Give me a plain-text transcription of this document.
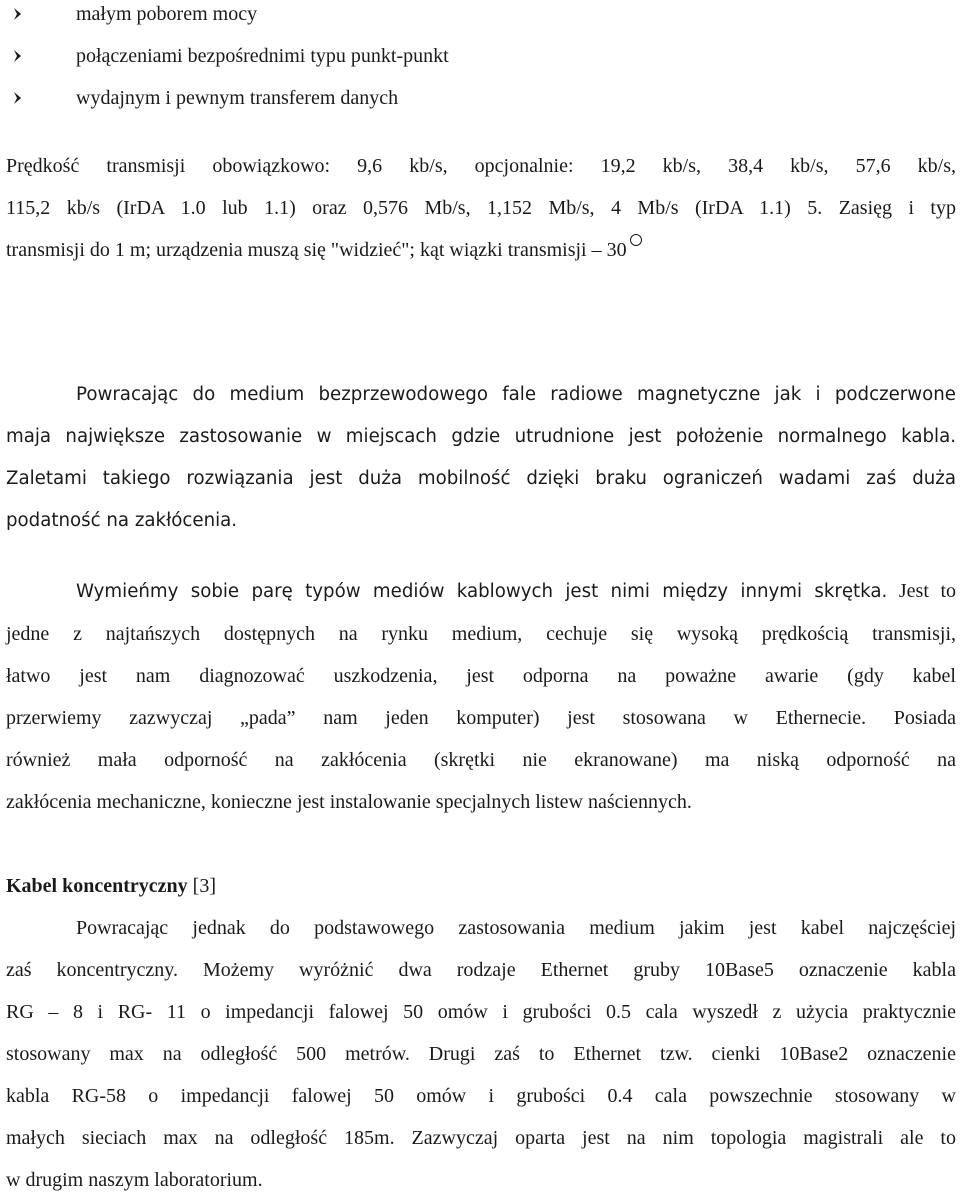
małym poborem mocy
połączeniami bezpośrednimi typu punkt-punkt
wydajnym i pewnym transferem danych

Prędkość transmisji obowiązkowo: 9,6 kb/s, opcjonalnie: 19,2 kb/s, 38,4 kb/s, 57,6 kb/s,
115,2 kb/s (IrDA 1.0 lub 1.1) oraz 0,576 Mb/s, 1,152 Mb/s, 4 Mb/s (IrDA 1.1) 5. Zasięg i typ
transmisji do 1 m; urządzenia muszą się "widzieć"; kąt wiązki transmisji – 30

Powracając do medium bezprzewodowego fale radiowe magnetyczne jak i podczerwone
maja największe zastosowanie w miejscach gdzie utrudnione jest położenie normalnego kabla.
Zaletami takiego rozwiązania jest duża mobilność dzięki braku ograniczeń wadami zaś duża
podatność na zakłócenia.

Wymieńmy sobie parę typów mediów kablowych jest nimi między innymi skrętka. Jest to
jedne z najtańszych dostępnych na rynku medium, cechuje się wysoką prędkością transmisji,
łatwo jest nam diagnozować uszkodzenia, jest odporna na poważne awarie (gdy kabel
przerwiemy zazwyczaj „pada” nam jeden komputer) jest stosowana w Ethernecie. Posiada
również mała odporność na zakłócenia (skrętki nie ekranowane) ma niską odporność na
zakłócenia mechaniczne, konieczne jest instalowanie specjalnych listew naściennych.

Kabel koncentryczny [3]

Powracając jednak do podstawowego zastosowania medium jakim jest kabel najczęściej
zaś koncentryczny. Możemy wyróżnić dwa rodzaje Ethernet gruby 10Base5 oznaczenie kabla
RG – 8 i RG- 11 o impedancji falowej 50 omów i grubości 0.5 cala wyszedł z użycia praktycznie
stosowany max na odległość 500 metrów. Drugi zaś to Ethernet tzw. cienki 10Base2 oznaczenie
kabla RG-58 o impedancji falowej 50 omów i grubości 0.4 cala powszechnie stosowany w
małych sieciach max na odległość 185m. Zazwyczaj oparta jest na nim topologia magistrali ale to
w drugim naszym laboratorium.
